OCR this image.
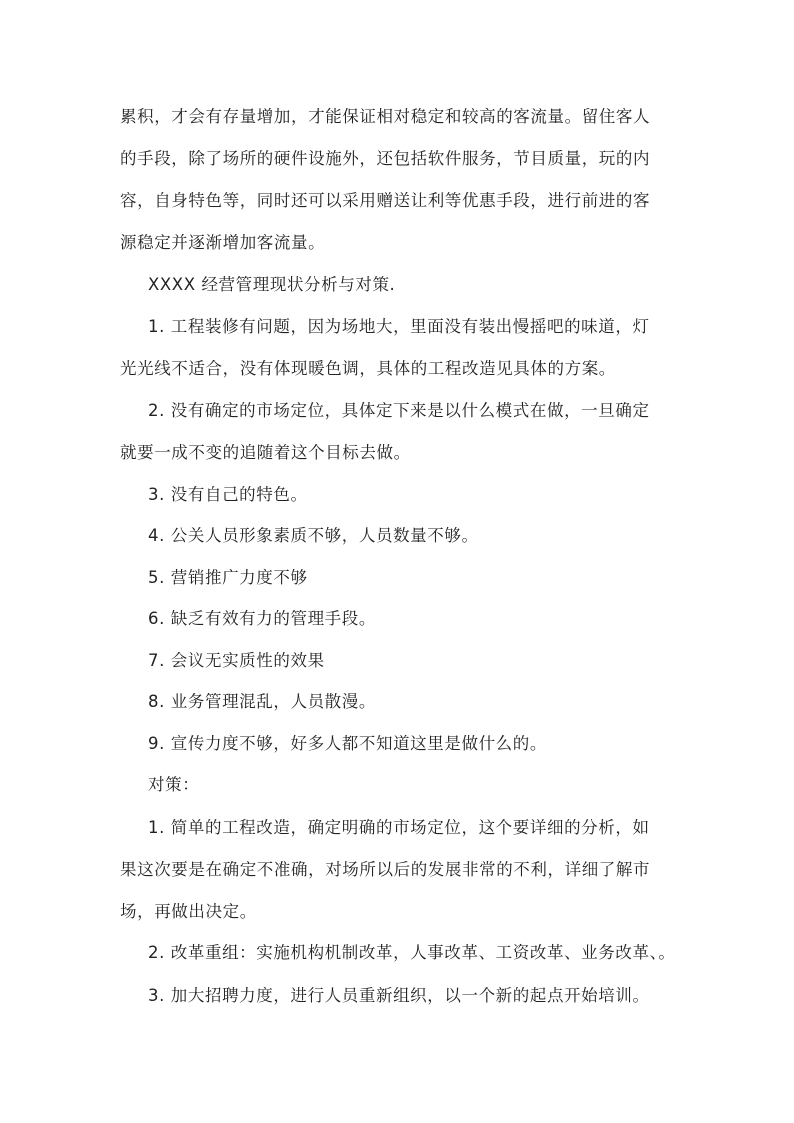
累积，才会有存量增加，才能保证相对稳定和较高的客流量。留住客人
的手段，除了场所的硬件设施外，还包括软件服务，节目质量，玩的内
容，自身特色等，同时还可以采用赠送让利等优惠手段，进行前进的客
源稳定并逐渐增加客流量。
XXXX 经营管理现状分析与对策.
1. 工程装修有问题，因为场地大，里面没有装出慢摇吧的味道，灯
光光线不适合，没有体现暖色调，具体的工程改造见具体的方案。
2. 没有确定的市场定位，具体定下来是以什么模式在做，一旦确定
就要一成不变的追随着这个目标去做。
3. 没有自己的特色。
4. 公关人员形象素质不够，人员数量不够。
5. 营销推广力度不够
6. 缺乏有效有力的管理手段。
7. 会议无实质性的效果
8. 业务管理混乱，人员散漫。
9. 宣传力度不够，好多人都不知道这里是做什么的。
对策：
1. 简单的工程改造，确定明确的市场定位，这个要详细的分析，如
果这次要是在确定不准确，对场所以后的发展非常的不利，详细了解市
场，再做出决定。
2. 改革重组：实施机构机制改革，人事改革、工资改革、业务改革、。
3. 加大招聘力度，进行人员重新组织，以一个新的起点开始培训。
